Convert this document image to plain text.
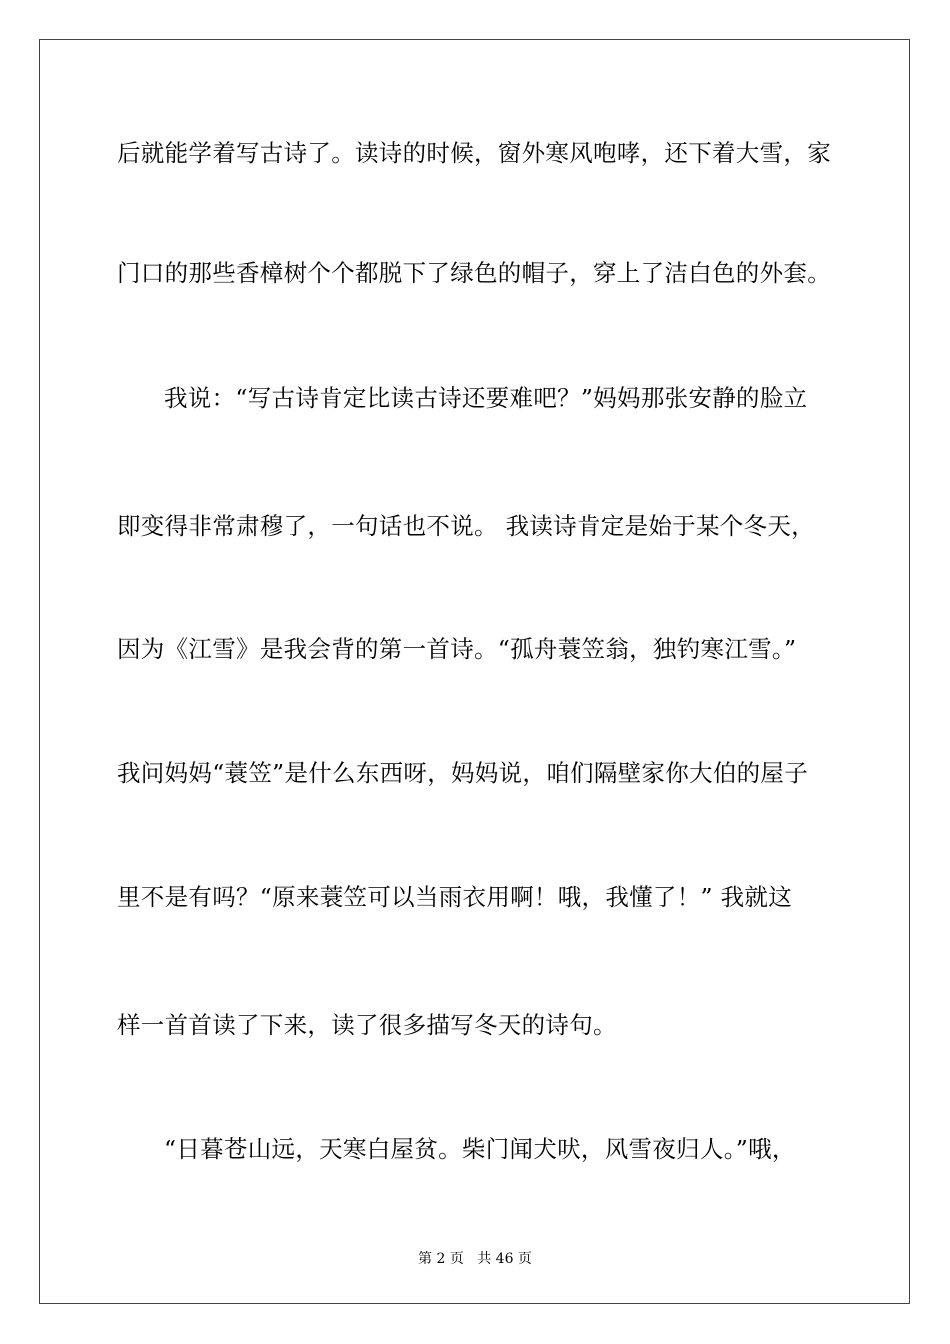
后就能学着写古诗了。读诗的时候，窗外寒风咆哮，还下着大雪，家
门口的那些香樟树个个都脱下了绿色的帽子，穿上了洁白色的外套。
我说：“写古诗肯定比读古诗还要难吧？”妈妈那张安静的脸立
即变得非常肃穆了，一句话也不说。 我读诗肯定是始于某个冬天，
因为《江雪》是我会背的第一首诗。“孤舟蓑笠翁，独钓寒江雪。”
我问妈妈“蓑笠”是什么东西呀，妈妈说，咱们隔壁家你大伯的屋子
里不是有吗？“原来蓑笠可以当雨衣用啊！哦，我懂了！” 我就这
样一首首读了下来，读了很多描写冬天的诗句。
“日暮苍山远，天寒白屋贫。柴门闻犬吠，风雪夜归人。”哦，
第 2 页 共 46 页
